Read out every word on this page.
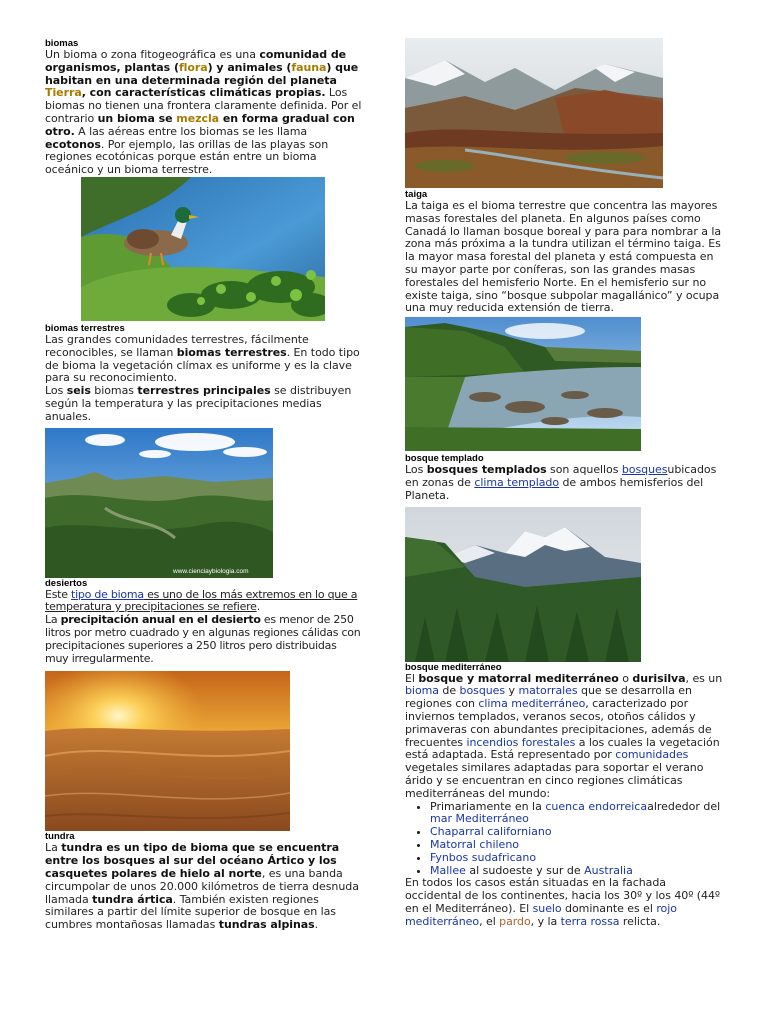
biomas

Un bioma o zona fitogeográfica es una comunidad de organismos, plantas (flora) y animales (fauna) que habitan en una determinada región del planeta Tierra, con características climáticas propias. Los biomas no tienen una frontera claramente definida. Por el contrario un bioma se mezcla en forma gradual con otro. A las aéreas entre los biomas se les llama ecotonos. Por ejemplo, las orillas de las playas son regiones ecotónicas porque están entre un bioma oceánico y un bioma terrestre.

biomas terrestres

Las grandes comunidades terrestres, fácilmente reconocibles, se llaman biomas terrestres. En todo tipo de bioma la vegetación clímax es uniforme y es la clave para su reconocimiento.
Los seis biomas terrestres principales se distribuyen según la temperatura y las precipitaciones medias anuales.

www.cienciaybiologia.com

desiertos

Este tipo de bioma es uno de los más extremos en lo que a temperatura y precipitaciones se refiere.
La precipitación anual en el desierto es menor de 250 litros por metro cuadrado y en algunas regiones cálidas con precipitaciones superiores a 250 litros pero distribuidas muy irregularmente.

tundra

La tundra es un tipo de bioma que se encuentra entre los bosques al sur del océano Ártico y los casquetes polares de hielo al norte, es una banda circumpolar de unos 20.000 kilómetros de tierra desnuda llamada tundra ártica. También existen regiones similares a partir del límite superior de bosque en las cumbres montañosas llamadas tundras alpinas.

taiga

La taiga es el bioma terrestre que concentra las mayores masas forestales del planeta. En algunos países como Canadá lo llaman bosque boreal y para para nombrar a la zona más próxima a la tundra utilizan el término taiga. Es la mayor masa forestal del planeta y está compuesta en su mayor parte por coníferas, son las grandes masas forestales del hemisferio Norte. En el hemisferio sur no existe taiga, sino “bosque subpolar magallánico” y ocupa una muy reducida extensión de tierra.

bosque templado

Los bosques templados son aquellos bosquesubicados en zonas de clima templado de ambos hemisferios del Planeta.

bosque mediterráneo

El bosque y matorral mediterráneo o durisilva, es un bioma de bosques y matorrales que se desarrolla en regiones con clima mediterráneo, caracterizado por inviernos templados, veranos secos, otoños cálidos y primaveras con abundantes precipitaciones, además de frecuentes incendios forestales a los cuales la vegetación está adaptada. Está representado por comunidades vegetales similares adaptadas para soportar el verano árido y se encuentran en cinco regiones climáticas mediterráneas del mundo:

• Primariamente en la cuenca endorreicaalrededor del mar Mediterráneo
• Chaparral californiano
• Matorral chileno
• Fynbos sudafricano
• Mallee al sudoeste y sur de Australia

En todos los casos están situadas en la fachada occidental de los continentes, hacia los 30º y los 40º (44º en el Mediterráneo). El suelo dominante es el rojo mediterráneo, el pardo, y la terra rossa relicta.
